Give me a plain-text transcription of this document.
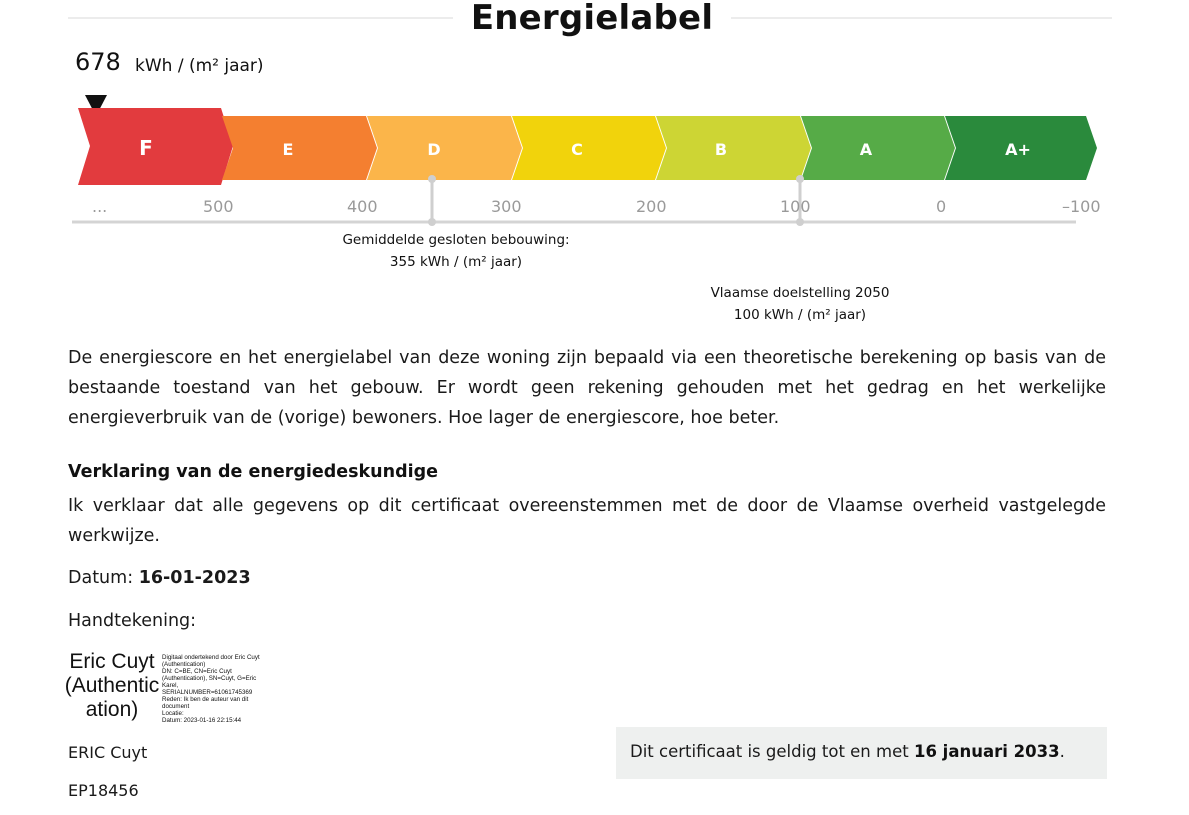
Energielabel
678 kWh / (m² jaar)
F	E	D	C	B	A	A+
...	500	400	300	200	100	0	–100
Gemiddelde gesloten bebouwing:
355 kWh / (m² jaar)
Vlaamse doelstelling 2050
100 kWh / (m² jaar)
De energiescore en het energielabel van deze woning zijn bepaald via een theoretische berekening op basis van de bestaande toestand van het gebouw. Er wordt geen rekening gehouden met het gedrag en het werkelijke energieverbruik van de (vorige) bewoners. Hoe lager de energiescore, hoe beter.
Verklaring van de energiedeskundige
Ik verklaar dat alle gegevens op dit certificaat overeenstemmen met de door de Vlaamse overheid vastgelegde werkwijze.
Datum: 16-01-2023
Handtekening:
Eric Cuyt
(Authentic
ation)
Digitaal ondertekend door Eric Cuyt
(Authentication)
DN: C=BE, CN=Eric Cuyt
(Authentication), SN=Cuyt, G=Eric
Karel,
SERIALNUMBER=61061745369
Reden: Ik ben de auteur van dit
document
Locatie:
Datum: 2023-01-16 22:15:44
ERIC Cuyt
EP18456
Dit certificaat is geldig tot en met 16 januari 2033.
